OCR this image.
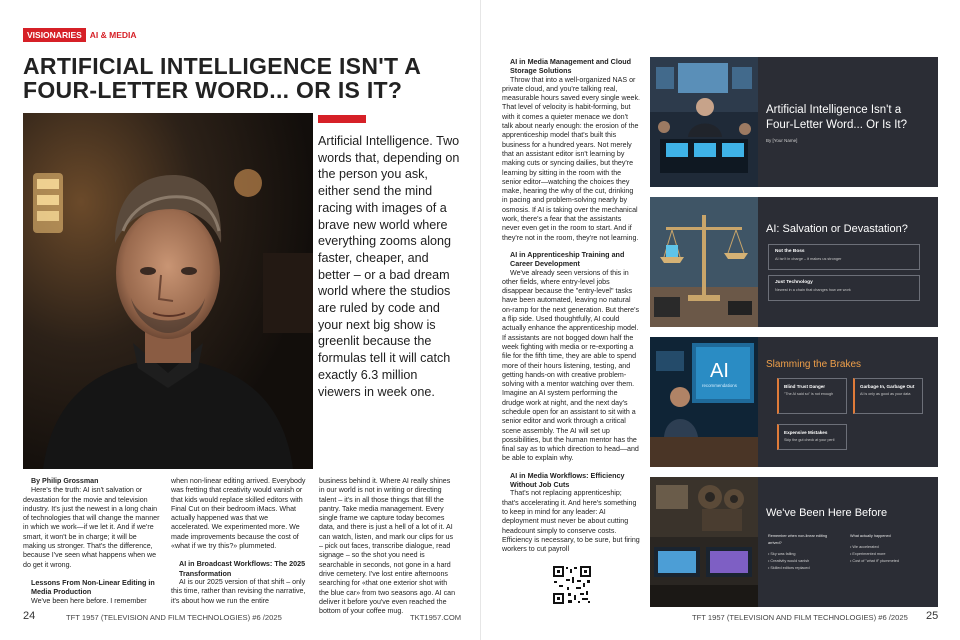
VISIONARIES AI & MEDIA
ARTIFICIAL INTELLIGENCE ISN'T A
FOUR-LETTER WORD... OR IS IT?

Artificial Intelligence. Two words that, depending on the person you ask, either send the mind racing with images of a brave new world where everything zooms along faster, cheaper, and better – or a bad dream world where the studios are ruled by code and your next big show is greenlit because the formulas tell it will catch exactly 6.3 million viewers in week one.

By Philip Grossman

Here's the truth: AI isn't salvation or devastation for the movie and television industry. It's just the newest in a long chain of technologies that will change the manner in which we work—if we let it. And if we're smart, it won't be in charge; it will be making us stronger. That's the difference, because I've seen what happens when we do get it wrong.

Lessons From Non-Linear Editing in Media Production

We've been here before. I remember

when non-linear editing arrived. Everybody was fretting that creativity would vanish or that kids would replace skilled editors with Final Cut on their bedroom iMacs. What actually happened was that we accelerated. We experimented more. We made improvements because the cost of «what if we try this?» plummeted.

AI in Broadcast Workflows: The 2025 Transformation

AI is our 2025 version of that shift – only this time, rather than revising the narrative, it's about how we run the entire

business behind it. Where AI really shines in our world is not in writing or directing talent – it's in all those things that fill the pantry. Take media management. Every single frame we capture today becomes data, and there is just a hell of a lot of it. AI can watch, listen, and mark our clips for us – pick out faces, transcribe dialogue, read signage – so the shot you need is searchable in seconds, not gone in a hard drive cemetery. I've lost entire afternoons searching for «that one exterior shot with the blue car» from two seasons ago. AI can deliver it before you've even reached the bottom of your coffee mug.

24	TFT 1957 (TELEVISION AND FILM TECHNOLOGIES) #6 /2025	TKT1957.COM
AI in Media Management and Cloud Storage Solutions

Throw that into a well-organized NAS or private cloud, and you're talking real, measurable hours saved every single week. That level of velocity is habit-forming, but with it comes a quieter menace we don't talk about nearly enough: the erosion of the apprenticeship model that's built this business for a hundred years. Not merely that an assistant editor isn't learning by making cuts or syncing dailies, but they're learning by sitting in the room with the senior editor—watching the choices they make, hearing the why of the cut, drinking in pacing and problem-solving nearly by osmosis. If AI is taking over the mechanical work, there's a fear that the assistants never even get in the room to start. And if they're not in the room, they're not learning.

AI in Apprenticeship Training and Career Development

We've already seen versions of this in other fields, where entry-level jobs disappear because the "entry-level" tasks have been automated, leaving no natural on-ramp for the next generation. But there's a flip side. Used thoughtfully, AI could actually enhance the apprenticeship model. If assistants are not bogged down half the week fighting with media or re-exporting a file for the fifth time, they are able to spend more of their hours listening, testing, and getting hands-on with creative problem-solving with a mentor watching over them. Imagine an AI system performing the drudge work at night, and the next day's schedule open for an assistant to sit with a senior editor and work through a critical scene assembly. The AI will set up possibilities, but the human mentor has the final say as to which direction to head—and be able to explain why.

AI in Media Workflows: Efficiency Without Job Cuts

That's not replacing apprenticeship; that's accelerating it. And here's something to keep in mind for any leader: AI deployment must never be about cutting headcount simply to conserve costs. Efficiency is necessary, to be sure, but firing workers to cut payroll

Artificial Intelligence Isn't a Four-Letter Word... Or Is It?
By [Your Name]
AI: Salvation or Devastation?
Not the Boss
AI isn't in charge – it makes us stronger
Just Technology
Newest in a chain that changes how we work
AI
recommendations
Slamming the Brakes
Blind Trust Danger
"The AI said so" is not enough
Garbage In, Garbage Out
AI is only as good as your data
Expensive Mistakes
Skip the gut check at your peril
We've Been Here Before
Remember when non-linear editing arrived?
• Sky was falling
• Creativity would vanish
• Skilled editors replaced
What actually happened
• We accelerated
• Experimented more
• Cost of "what if" plummeted
TFT 1957 (TELEVISION AND FILM TECHNOLOGIES) #6 /2025 25
